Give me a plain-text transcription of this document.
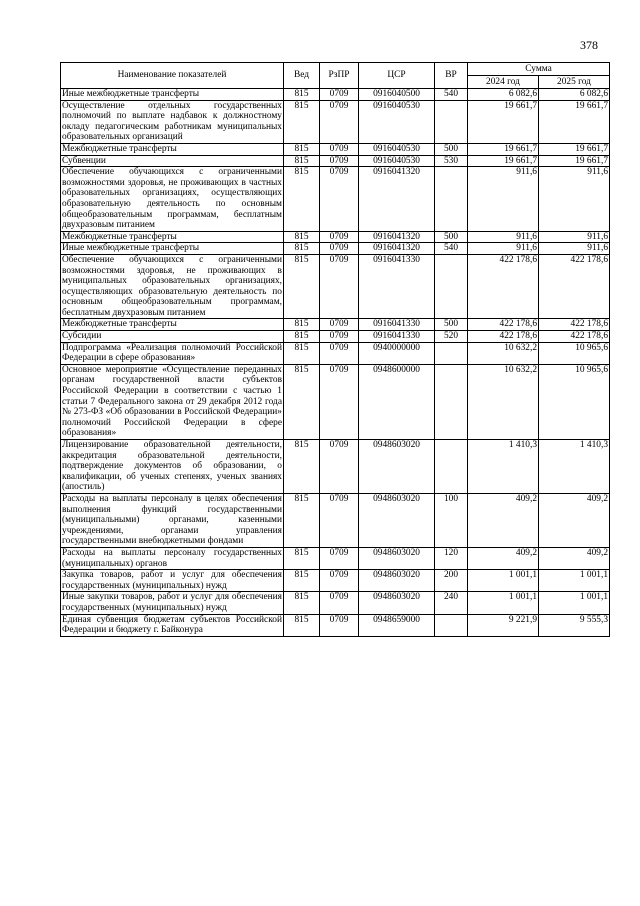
378
Наименование показателей	Вед	РзПР	ЦСР	ВР	Сумма	
					2024 год	2025 год
Иные межбюджетные трансферты	815	0709	0916040500	540	6 082,6	6 082,6
Осуществление отдельных государственных полномочий по выплате надбавок к должностному окладу педагогическим работникам муниципальных образовательных организаций	815	0709	0916040530		19 661,7	19 661,7
Межбюджетные трансферты	815	0709	0916040530	500	19 661,7	19 661,7
Субвенции	815	0709	0916040530	530	19 661,7	19 661,7
Обеспечение обучающихся с ограниченными возможностями здоровья, не проживающих в частных образовательных организациях, осуществляющих образовательную деятельность по основным общеобразовательным программам, бесплатным двухразовым питанием	815	0709	0916041320		911,6	911,6
Межбюджетные трансферты	815	0709	0916041320	500	911,6	911,6
Иные межбюджетные трансферты	815	0709	0916041320	540	911,6	911,6
Обеспечение обучающихся с ограниченными возможностями здоровья, не проживающих в муниципальных образовательных организациях, осуществляющих образовательную деятельность по основным общеобразовательным программам, бесплатным двухразовым питанием	815	0709	0916041330		422 178,6	422 178,6
Межбюджетные трансферты	815	0709	0916041330	500	422 178,6	422 178,6
Субсидии	815	0709	0916041330	520	422 178,6	422 178,6
Подпрограмма «Реализация полномочий Российской Федерации в сфере образования»	815	0709	0940000000		10 632,2	10 965,6
Основное мероприятие «Осуществление переданных органам государственной власти субъектов Российской Федерации в соответствии с частью 1 статьи 7 Федерального закона от 29 декабря 2012 года № 273-ФЗ «Об образовании в Российской Федерации» полномочий Российской Федерации в сфере образования»	815	0709	0948600000		10 632,2	10 965,6
Лицензирование образовательной деятельности, аккредитация образовательной деятельности, подтверждение документов об образовании, о квалификации, об ученых степенях, ученых званиях (апостиль)	815	0709	0948603020		1 410,3	1 410,3
Расходы на выплаты персоналу в целях обеспечения выполнения функций государственными (муниципальными) органами, казенными учреждениями, органами управления государственными внебюджетными фондами	815	0709	0948603020	100	409,2	409,2
Расходы на выплаты персоналу государственных (муниципальных) органов	815	0709	0948603020	120	409,2	409,2
Закупка товаров, работ и услуг для обеспечения государственных (муниципальных) нужд	815	0709	0948603020	200	1 001,1	1 001,1
Иные закупки товаров, работ и услуг для обеспечения государственных (муниципальных) нужд	815	0709	0948603020	240	1 001,1	1 001,1
Единая субвенция бюджетам субъектов Российской Федерации и бюджету г. Байконура	815	0709	0948659000		9 221,9	9 555,3
